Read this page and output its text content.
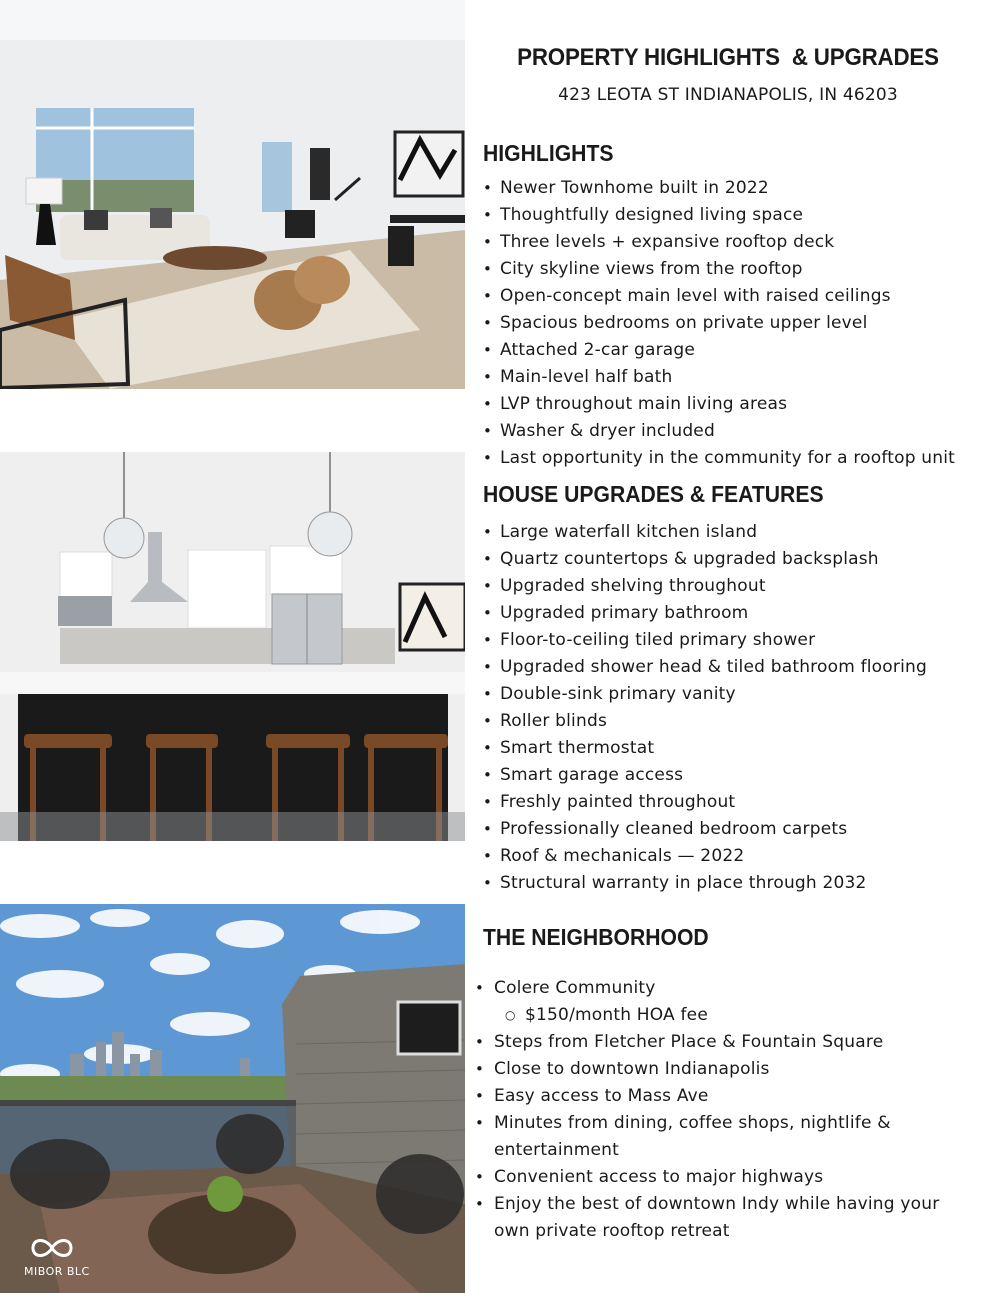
MIBOR BLC
PROPERTY HIGHLIGHTS  & UPGRADES
423 LEOTA ST INDIANAPOLIS, IN 46203
HIGHLIGHTS
• Newer Townhome built in 2022
• Thoughtfully designed living space
• Three levels + expansive rooftop deck
• City skyline views from the rooftop
• Open-concept main level with raised ceilings
• Spacious bedrooms on private upper level
• Attached 2-car garage
• Main-level half bath
• LVP throughout main living areas
• Washer & dryer included
• Last opportunity in the community for a rooftop unit
HOUSE UPGRADES & FEATURES
• Large waterfall kitchen island
• Quartz countertops & upgraded backsplash
• Upgraded shelving throughout
• Upgraded primary bathroom
• Floor-to-ceiling tiled primary shower
• Upgraded shower head & tiled bathroom flooring
• Double-sink primary vanity
• Roller blinds
• Smart thermostat
• Smart garage access
• Freshly painted throughout
• Professionally cleaned bedroom carpets
• Roof & mechanicals — 2022
• Structural warranty in place through 2032
THE NEIGHBORHOOD
• Colere Community
○ $150/month HOA fee
• Steps from Fletcher Place & Fountain Square
• Close to downtown Indianapolis
• Easy access to Mass Ave
• Minutes from dining, coffee shops, nightlife & entertainment
• Convenient access to major highways
• Enjoy the best of downtown Indy while having your own private rooftop retreat
